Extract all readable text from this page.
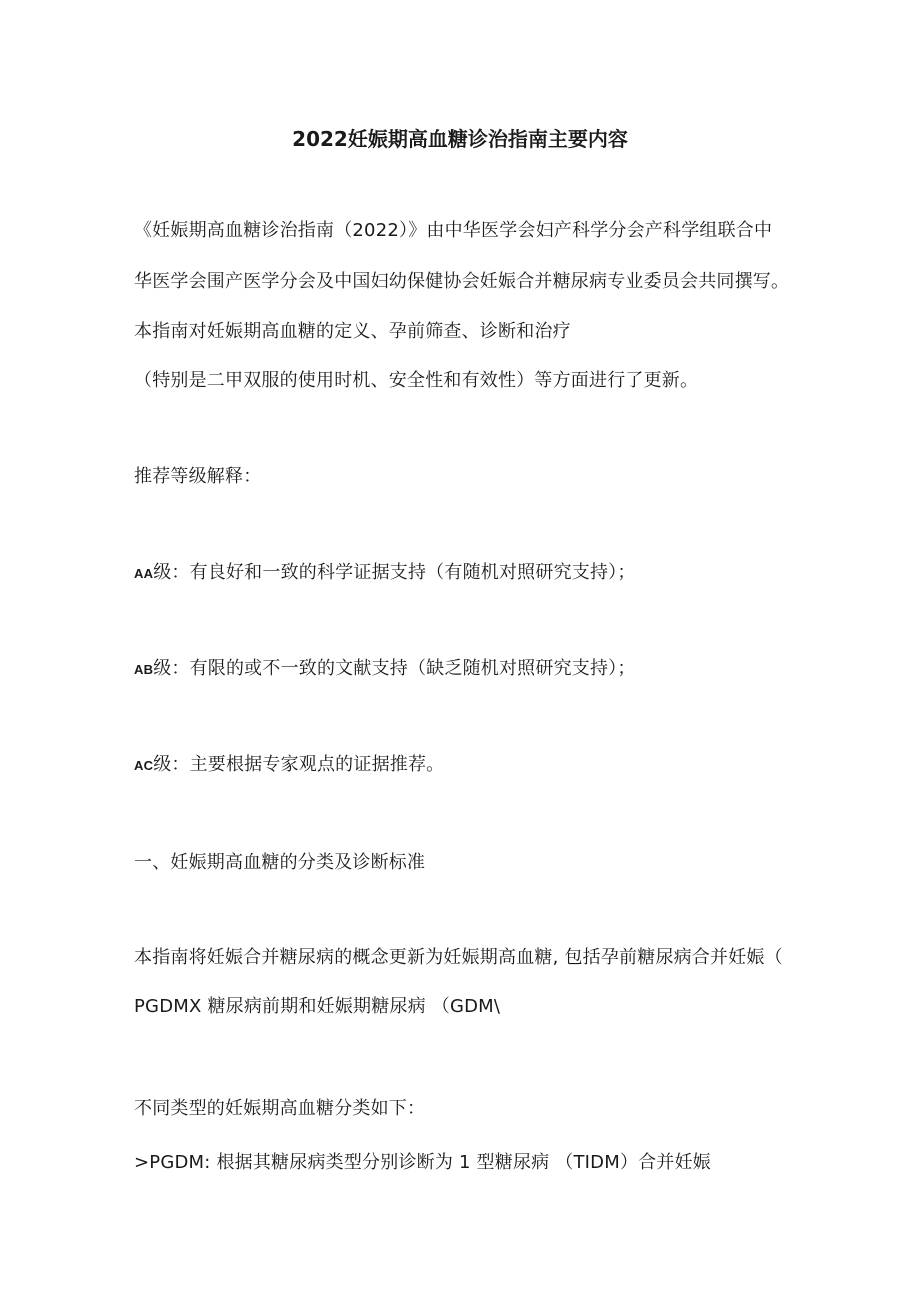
2022妊娠期高血糖诊治指南主要内容
《妊娠期高血糖诊治指南（2022）》由中华医学会妇产科学分会产科学组联合中
华医学会围产医学分会及中国妇幼保健协会妊娠合并糖尿病专业委员会共同撰写。
本指南对妊娠期高血糖的定义、孕前筛查、诊断和治疗
（特别是二甲双服的使用时机、安全性和有效性）等方面进行了更新。
推荐等级解释：
AA级：有良好和一致的科学证据支持（有随机对照研究支持）；
AB级：有限的或不一致的文献支持（缺乏随机对照研究支持）；
AC级：主要根据专家观点的证据推荐。
一、妊娠期高血糖的分类及诊断标准
本指南将妊娠合并糖尿病的概念更新为妊娠期高血糖, 包括孕前糖尿病合并妊娠（
PGDMX 糖尿病前期和妊娠期糖尿病 （GDM\
不同类型的妊娠期高血糖分类如下：
>PGDM: 根据其糖尿病类型分别诊断为 1 型糖尿病 （TIDM）合并妊娠
